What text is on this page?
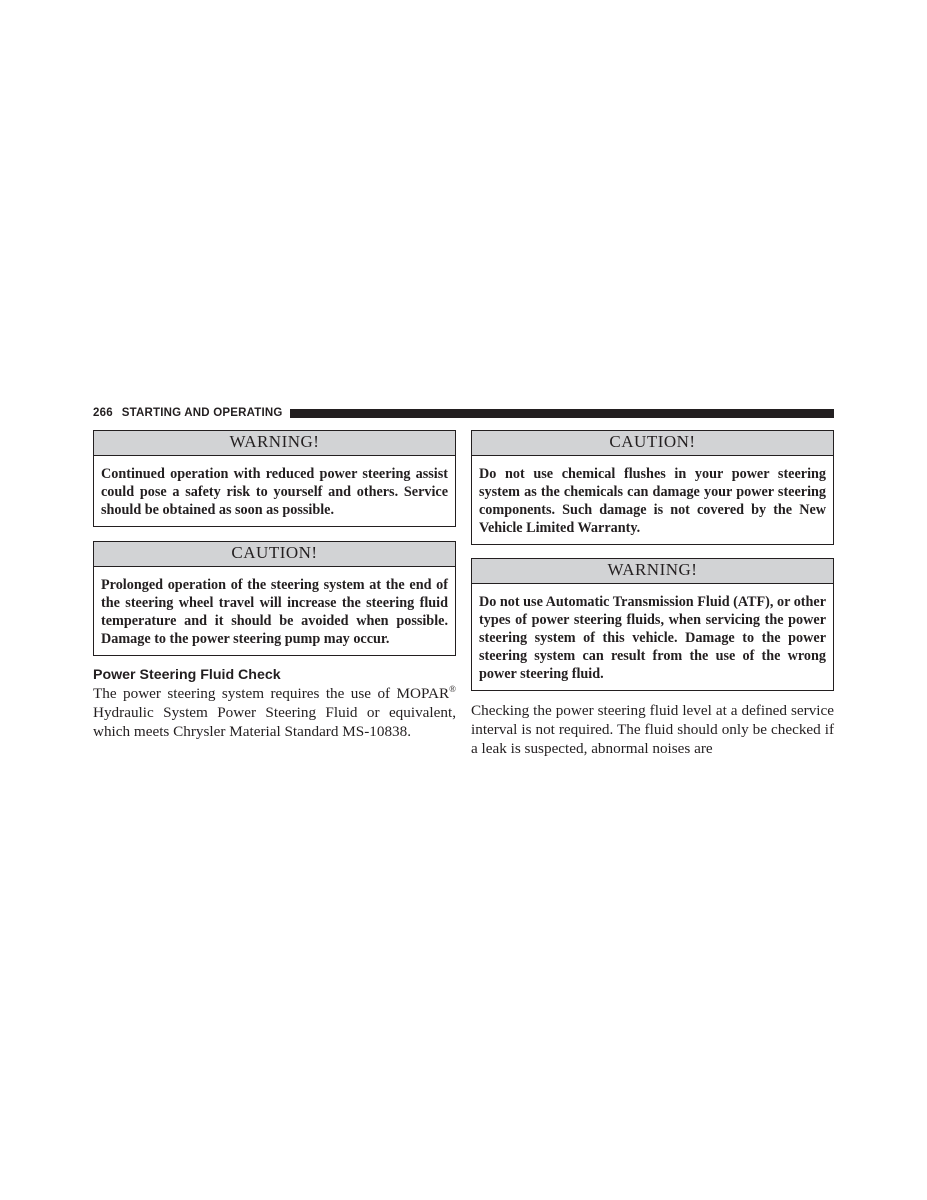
266 STARTING AND OPERATING
WARNING!
Continued operation with reduced power steering assist could pose a safety risk to yourself and others. Service should be obtained as soon as possible.
CAUTION!
Prolonged operation of the steering system at the end of the steering wheel travel will increase the steering fluid temperature and it should be avoided when possible. Damage to the power steering pump may occur.
Power Steering Fluid Check
The power steering system requires the use of MOPAR® Hydraulic System Power Steering Fluid or equivalent, which meets Chrysler Material Standard MS-10838.
CAUTION!
Do not use chemical flushes in your power steering system as the chemicals can damage your power steering components. Such damage is not covered by the New Vehicle Limited Warranty.
WARNING!
Do not use Automatic Transmission Fluid (ATF), or other types of power steering fluids, when servicing the power steering system of this vehicle. Damage to the power steering system can result from the use of the wrong power steering fluid.
Checking the power steering fluid level at a defined service interval is not required. The fluid should only be checked if a leak is suspected, abnormal noises are
